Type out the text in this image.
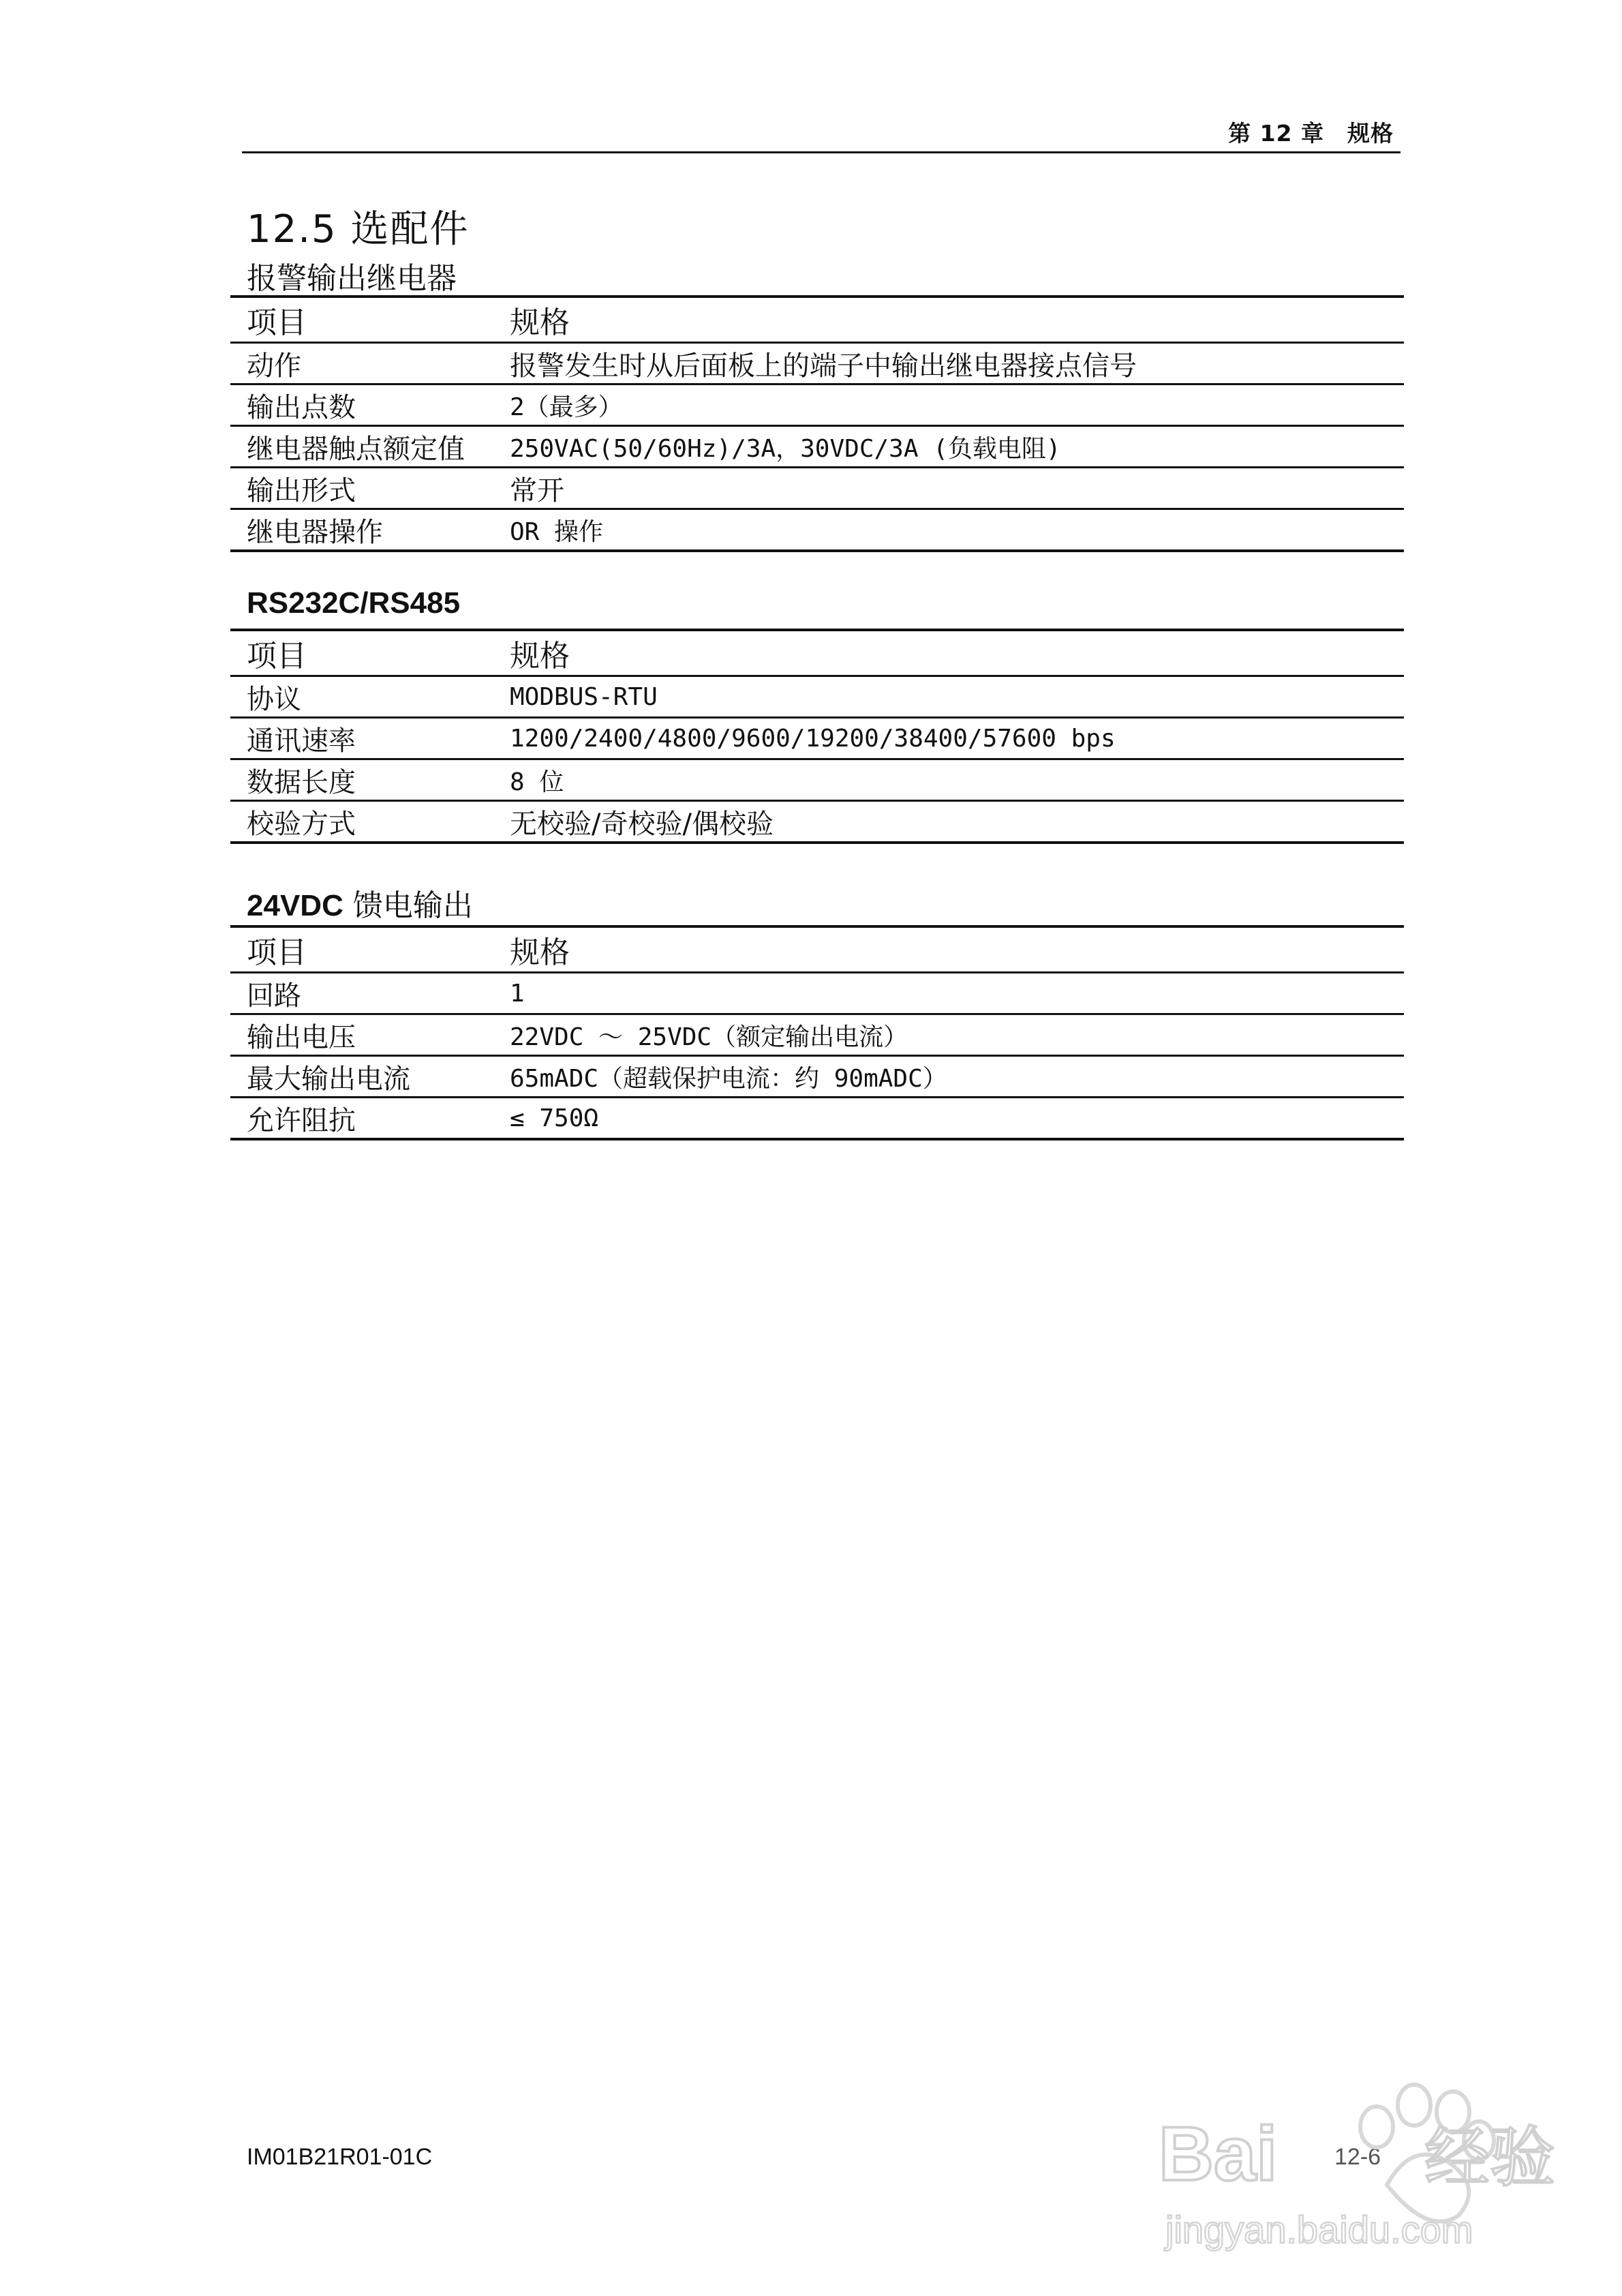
第 12 章　规格
12.5 选配件
报警输出继电器
项目	规格
动作	报警发生时从后面板上的端子中输出继电器接点信号
输出点数	2（最多）
继电器触点额定值	250VAC(50/60Hz)/3A，30VDC/3A (负载电阻)
输出形式	常开
继电器操作	OR 操作
RS232C/RS485
项目	规格
协议	MODBUS-RTU
通讯速率	1200/2400/4800/9600/19200/38400/57600 bps
数据长度	8 位
校验方式	无校验/奇校验/偶校验
24VDC 馈电输出
项目	规格
回路	1
输出电压	22VDC ～ 25VDC（额定输出电流）
最大输出电流	65mADC（超载保护电流：约 90mADC）
允许阻抗	≤ 750Ω
IM01B21R01-01C	12-6
Bai 经验
jingyan.baidu.com
